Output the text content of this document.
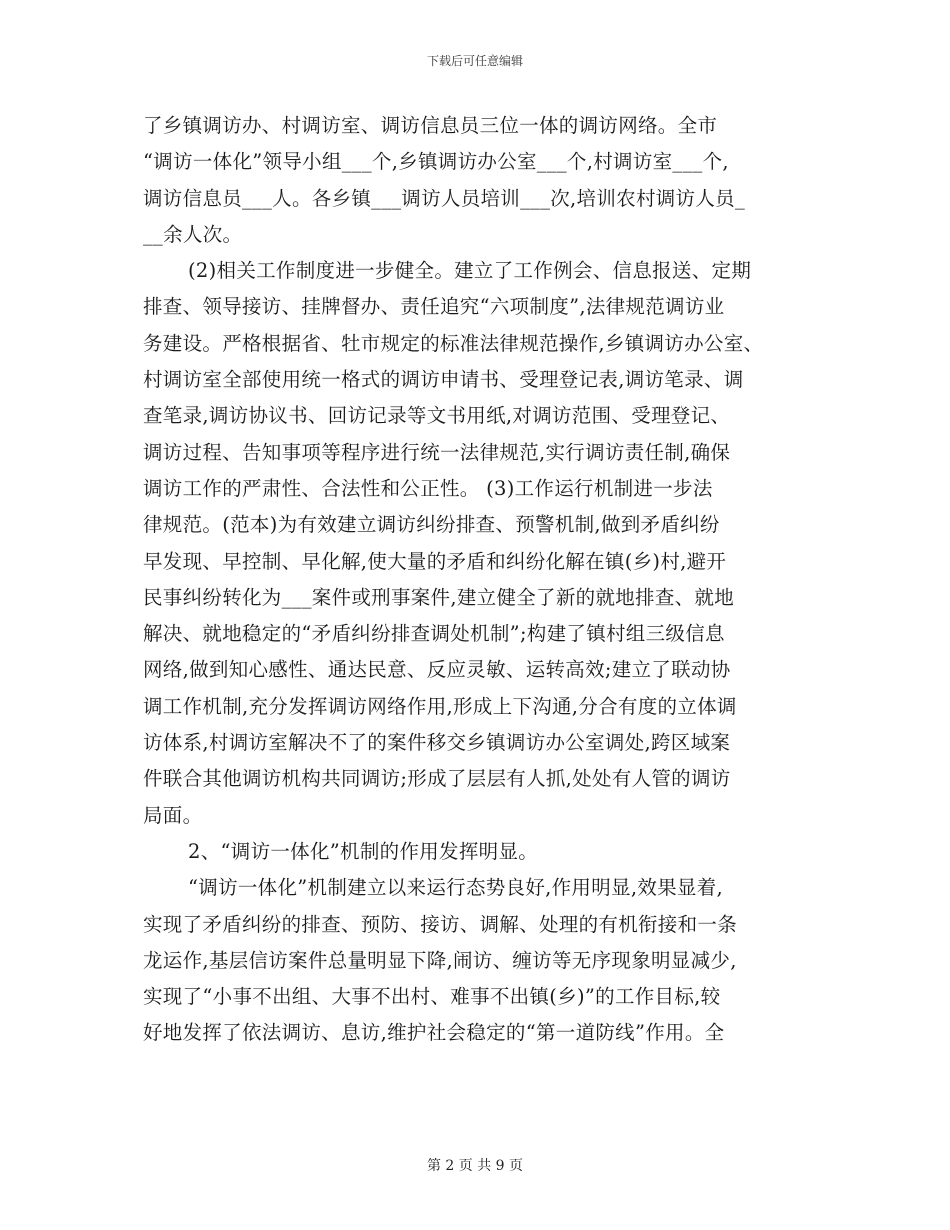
下载后可任意编辑
了乡镇调访办、村调访室、调访信息员三位一体的调访网络。全市
“调访一体化”领导小组___个,乡镇调访办公室___个,村调访室___个,
调访信息员___人。各乡镇___调访人员培训___次,培训农村调访人员_
__余人次。
(2)相关工作制度进一步健全。建立了工作例会、信息报送、定期
排查、领导接访、挂牌督办、责任追究“六项制度”,法律规范调访业
务建设。严格根据省、牡市规定的标准法律规范操作,乡镇调访办公室、
村调访室全部使用统一格式的调访申请书、受理登记表,调访笔录、调
查笔录,调访协议书、回访记录等文书用纸,对调访范围、受理登记、
调访过程、告知事项等程序进行统一法律规范,实行调访责任制,确保
调访工作的严肃性、合法性和公正性。 (3)工作运行机制进一步法
律规范。(范本)为有效建立调访纠纷排查、预警机制,做到矛盾纠纷
早发现、早控制、早化解,使大量的矛盾和纠纷化解在镇(乡)村,避开
民事纠纷转化为___案件或刑事案件,建立健全了新的就地排查、就地
解决、就地稳定的“矛盾纠纷排查调处机制”;构建了镇村组三级信息
网络,做到知心感性、通达民意、反应灵敏、运转高效;建立了联动协
调工作机制,充分发挥调访网络作用,形成上下沟通,分合有度的立体调
访体系,村调访室解决不了的案件移交乡镇调访办公室调处,跨区域案
件联合其他调访机构共同调访;形成了层层有人抓,处处有人管的调访
局面。
2、“调访一体化”机制的作用发挥明显。
“调访一体化”机制建立以来运行态势良好,作用明显,效果显着,
实现了矛盾纠纷的排查、预防、接访、调解、处理的有机衔接和一条
龙运作,基层信访案件总量明显下降,闹访、缠访等无序现象明显减少,
实现了“小事不出组、大事不出村、难事不出镇(乡)”的工作目标,较
好地发挥了依法调访、息访,维护社会稳定的“第一道防线”作用。全
第 2 页 共 9 页
